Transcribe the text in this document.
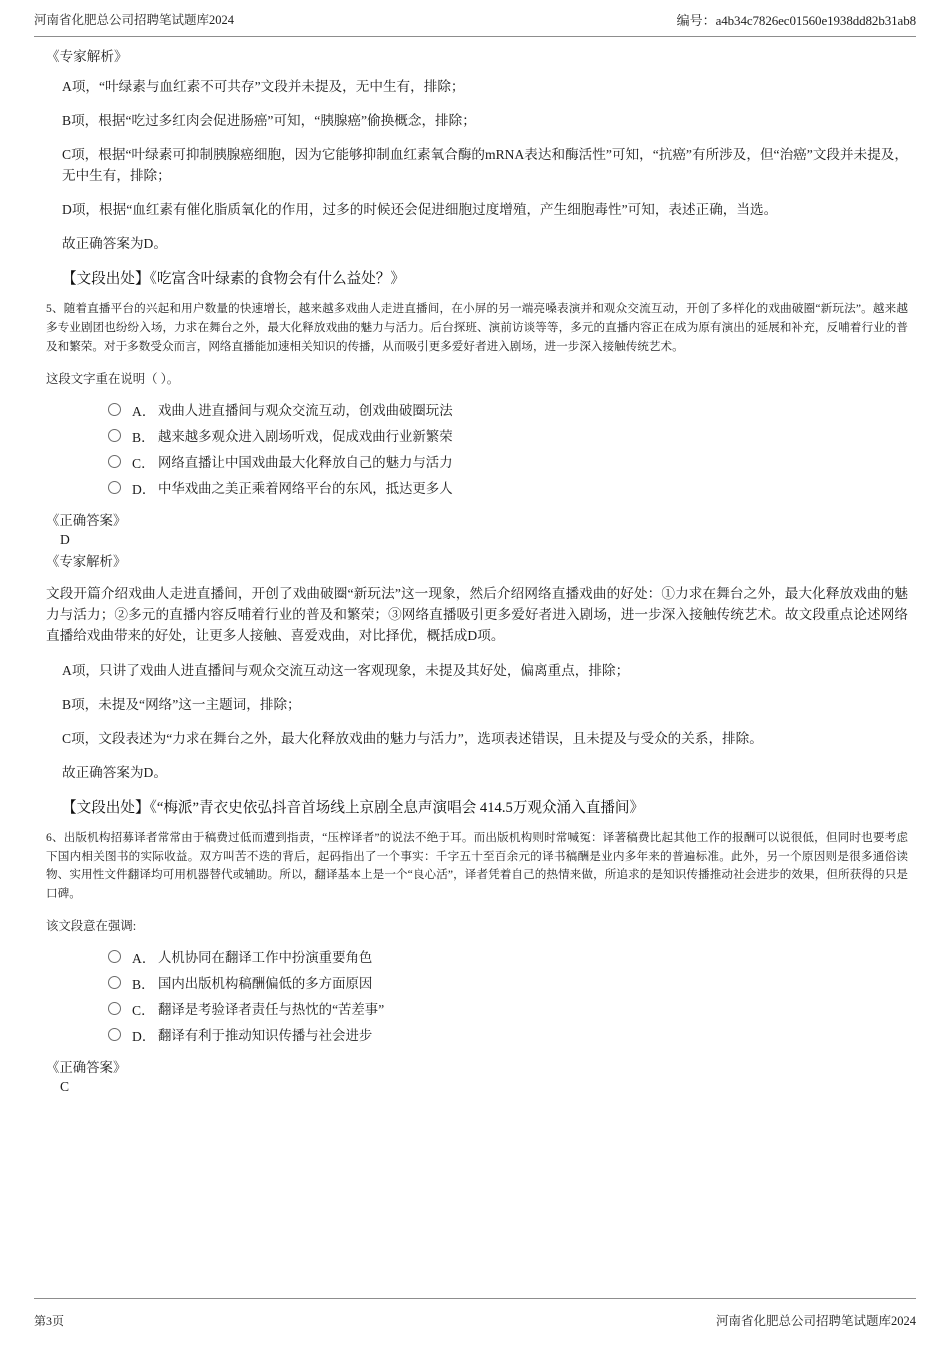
河南省化肥总公司招聘笔试题库2024	编号：a4b34c7826ec01560e1938dd82b31ab8

《专家解析》

A项，“叶绿素与血红素不可共存”文段并未提及，无中生有，排除；

B项，根据“吃过多红肉会促进肠癌”可知，“胰腺癌”偷换概念，排除；

C项，根据“叶绿素可抑制胰腺癌细胞，因为它能够抑制血红素氧合酶的mRNA表达和酶活性”可知，“抗癌”有所涉及，但“治癌”文段并未提及，无中生有，排除；

D项，根据“血红素有催化脂质氧化的作用，过多的时候还会促进细胞过度增殖，产生细胞毒性”可知，表述正确，当选。

故正确答案为D。

【文段出处】《吃富含叶绿素的食物会有什么益处？》

5、随着直播平台的兴起和用户数量的快速增长，越来越多戏曲人走进直播间，在小屏的另一端亮嗓表演并和观众交流互动，开创了多样化的戏曲破圈“新玩法”。越来越多专业剧团也纷纷入场，力求在舞台之外，最大化释放戏曲的魅力与活力。后台探班、演前访谈等等，多元的直播内容正在成为原有演出的延展和补充，反哺着行业的普及和繁荣。对于多数受众而言，网络直播能加速相关知识的传播，从而吸引更多爱好者进入剧场，进一步深入接触传统艺术。

这段文字重在说明（ ）。

A． 戏曲人进直播间与观众交流互动，创戏曲破圈玩法
B． 越来越多观众进入剧场听戏，促成戏曲行业新繁荣
C． 网络直播让中国戏曲最大化释放自己的魅力与活力
D． 中华戏曲之美正乘着网络平台的东风，抵达更多人

《正确答案》

D

《专家解析》

文段开篇介绍戏曲人走进直播间，开创了戏曲破圈“新玩法”这一现象，然后介绍网络直播戏曲的好处：①力求在舞台之外，最大化释放戏曲的魅力与活力；②多元的直播内容反哺着行业的普及和繁荣；③网络直播吸引更多爱好者进入剧场，进一步深入接触传统艺术。故文段重点论述网络直播给戏曲带来的好处，让更多人接触、喜爱戏曲，对比择优，概括成D项。

A项，只讲了戏曲人进直播间与观众交流互动这一客观现象，未提及其好处，偏离重点，排除；

B项，未提及“网络”这一主题词，排除；

C项，文段表述为“力求在舞台之外，最大化释放戏曲的魅力与活力”，选项表述错误，且未提及与受众的关系，排除。

故正确答案为D。

【文段出处】《“梅派”青衣史依弘抖音首场线上京剧全息声演唱会 414.5万观众涌入直播间》

6、出版机构招募译者常常由于稿费过低而遭到指责，“压榨译者”的说法不绝于耳。而出版机构则时常喊冤：译著稿费比起其他工作的报酬可以说很低，但同时也要考虑下国内相关图书的实际收益。双方叫苦不迭的背后，起码指出了一个事实：千字五十至百余元的译书稿酬是业内多年来的普遍标准。此外，另一个原因则是很多通俗读物、实用性文件翻译均可用机器替代或辅助。所以，翻译基本上是一个“良心活”，译者凭着自己的热情来做，所追求的是知识传播推动社会进步的效果，但所获得的只是口碑。

该文段意在强调:

A． 人机协同在翻译工作中扮演重要角色
B． 国内出版机构稿酬偏低的多方面原因
C． 翻译是考验译者责任与热忱的“苦差事”
D． 翻译有利于推动知识传播与社会进步

《正确答案》

C

第3页	河南省化肥总公司招聘笔试题库2024
